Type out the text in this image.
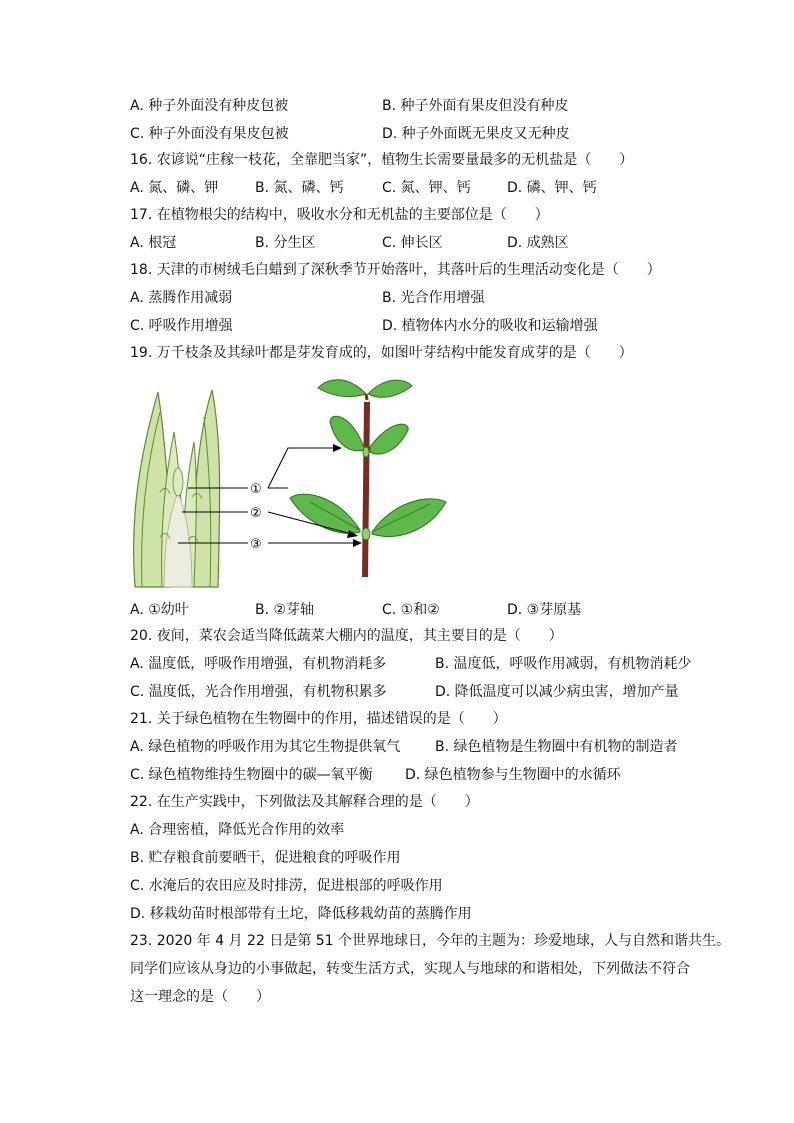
A. 种子外面没有种皮包被	B. 种子外面有果皮但没有种皮
C. 种子外面没有果皮包被	D. 种子外面既无果皮又无种皮
16. 农谚说“庄稼一枝花，全靠肥当家”，植物生长需要量最多的无机盐是（　　）
A. 氮、磷、钾	B. 氮、磷、钙	C. 氮、钾、钙	D. 磷、钾、钙
17. 在植物根尖的结构中，吸收水分和无机盐的主要部位是（　　）
A. 根冠	B. 分生区	C. 伸长区	D. 成熟区
18. 天津的市树绒毛白蜡到了深秋季节开始落叶，其落叶后的生理活动变化是（　　）
A. 蒸腾作用减弱	B. 光合作用增强
C. 呼吸作用增强	D. 植物体内水分的吸收和运输增强
19. 万千枝条及其绿叶都是芽发育成的，如图叶芽结构中能发育成芽的是（　　）
①
②
③
A. ①幼叶	B. ②芽轴	C. ①和②	D. ③芽原基
20. 夜间，菜农会适当降低蔬菜大棚内的温度，其主要目的是（　　）
A. 温度低，呼吸作用增强，有机物消耗多	B. 温度低，呼吸作用减弱，有机物消耗少
C. 温度低，光合作用增强，有机物积累多	D. 降低温度可以减少病虫害，增加产量
21. 关于绿色植物在生物圈中的作用，描述错误的是（　　）
A. 绿色植物的呼吸作用为其它生物提供氧气 B. 绿色植物是生物圈中有机物的制造者
C. 绿色植物维持生物圈中的碳—氧平衡 D. 绿色植物参与生物圈中的水循环
22. 在生产实践中，下列做法及其解释合理的是（　　）
A. 合理密植，降低光合作用的效率
B. 贮存粮食前要晒干，促进粮食的呼吸作用
C. 水淹后的农田应及时排涝，促进根部的呼吸作用
D. 移栽幼苗时根部带有土坨，降低移栽幼苗的蒸腾作用
23. 2020 年 4 月 22 日是第 51 个世界地球日，今年的主题为：珍爱地球，人与自然和谐共生。
同学们应该从身边的小事做起，转变生活方式，实现人与地球的和谐相处，下列做法不符合
这一理念的是（　　）
